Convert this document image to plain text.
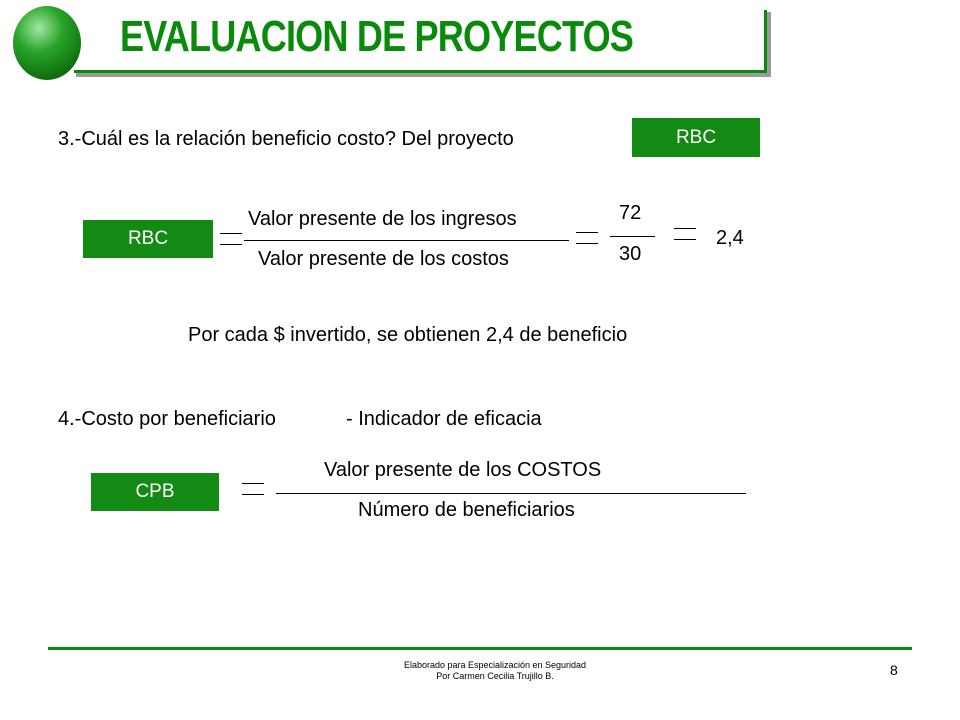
EVALUACION DE PROYECTOS
3.-Cuál es la relación beneficio costo? Del proyecto	RBC
RBC
Valor presente de los ingresos
Valor presente de los costos
72
30
2,4
Por cada $ invertido, se obtienen 2,4 de beneficio
4.-Costo por beneficiario	- Indicador de eficacia
CPB
Valor presente de los COSTOS
Número de beneficiarios
Elaborado para Especialización en Seguridad
Por Carmen Cecilia Trujillo B.	8
